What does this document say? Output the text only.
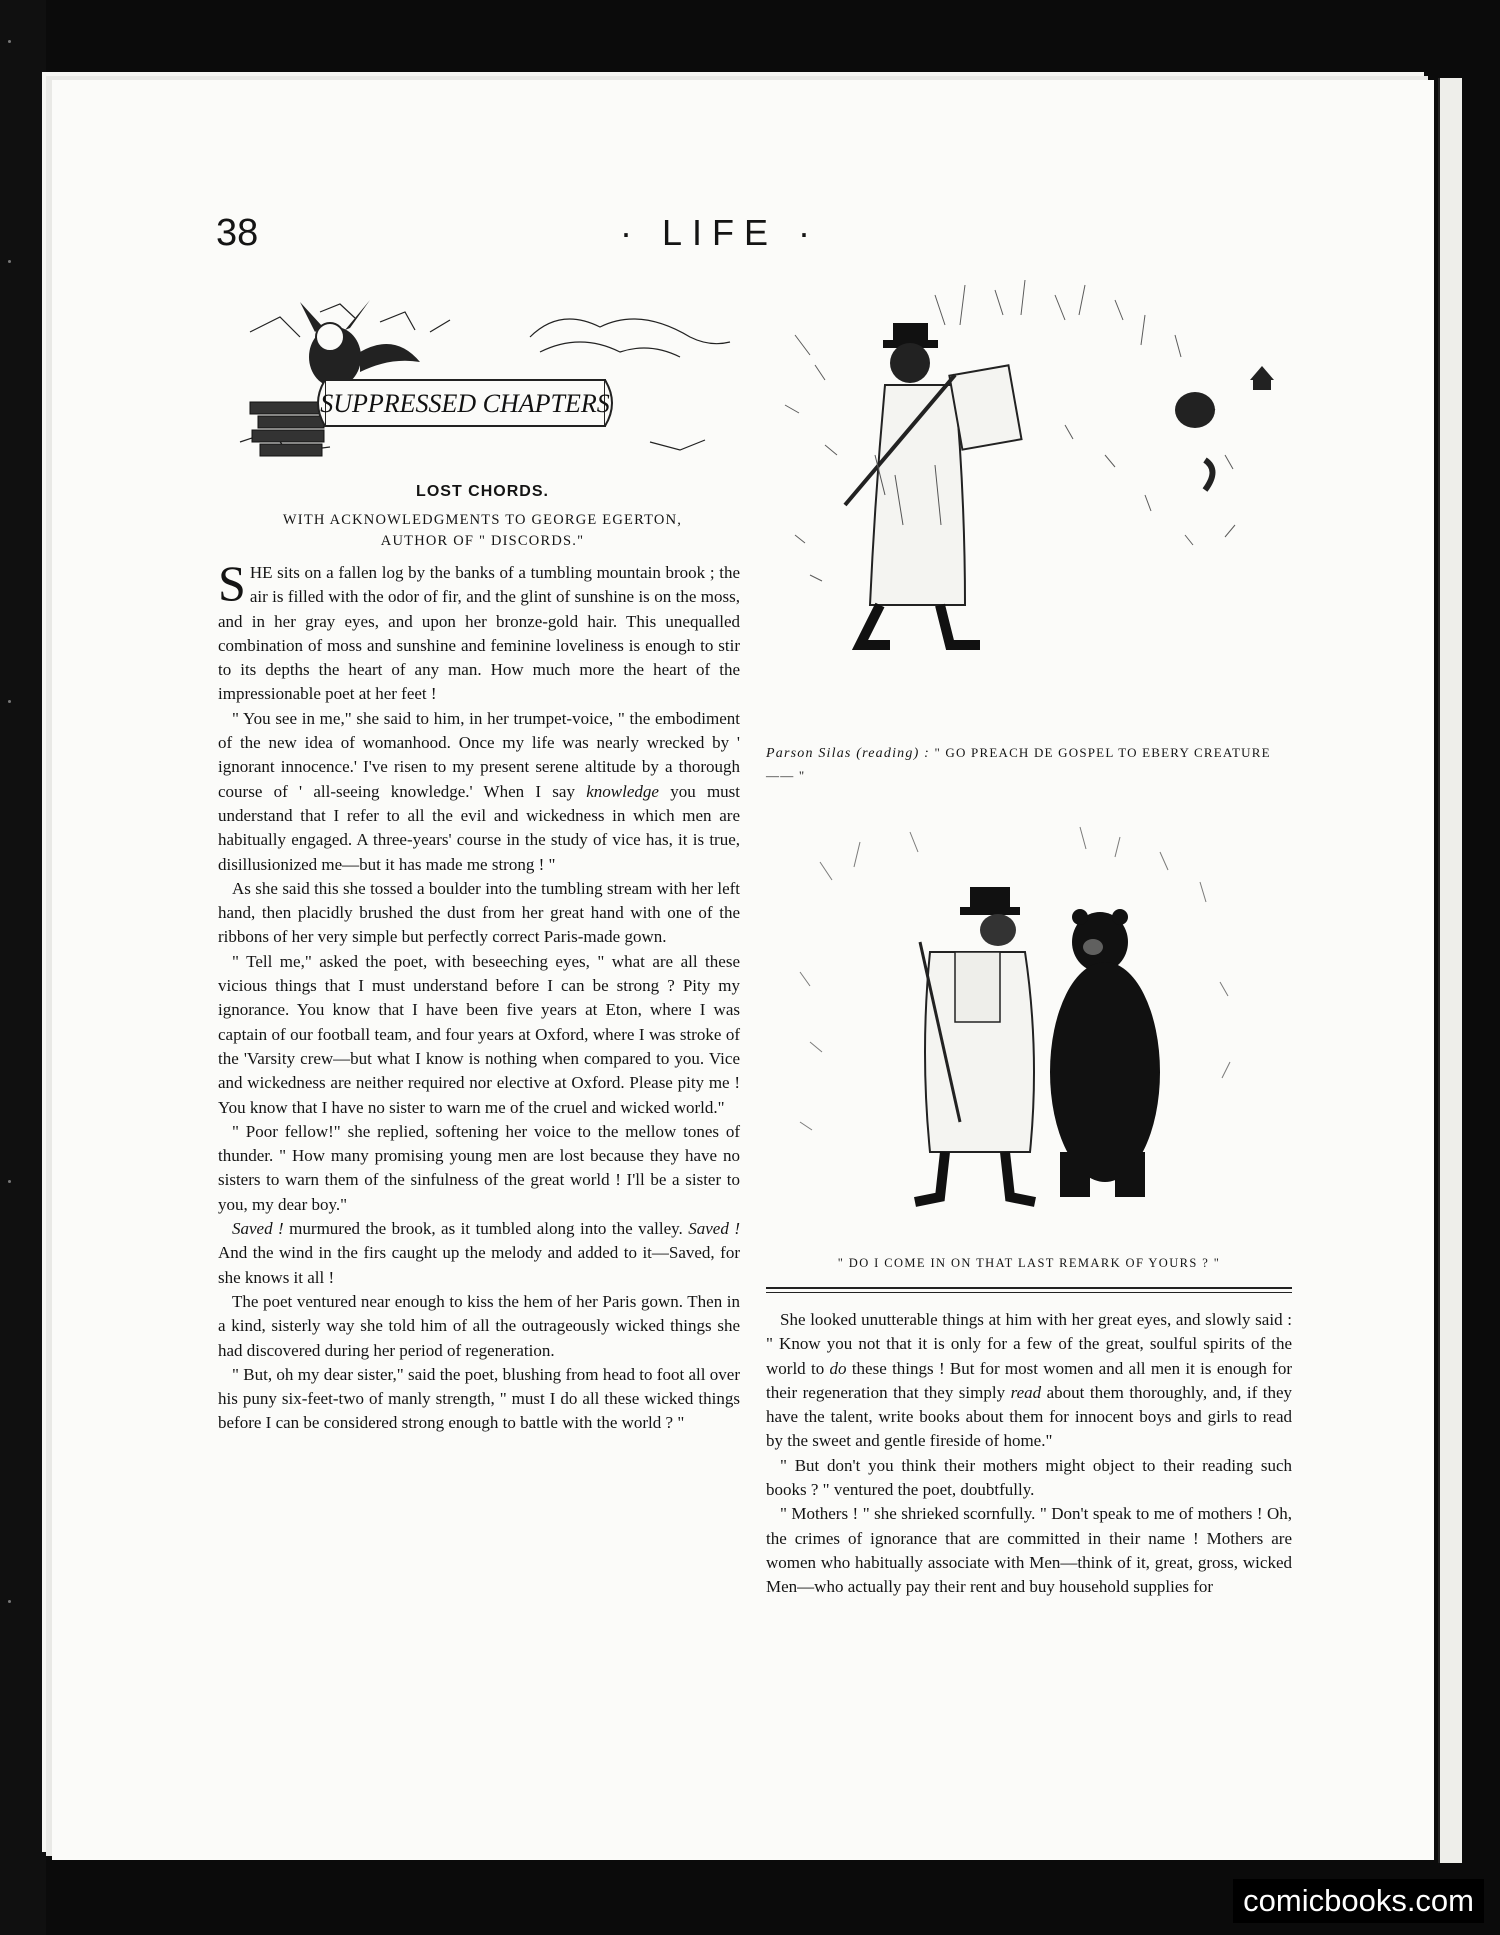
38	· LIFE ·
SUPPRESSED CHAPTERS
LOST CHORDS.
WITH ACKNOWLEDGMENTS TO GEORGE EGERTON,
AUTHOR OF " DISCORDS."

SHE sits on a fallen log by the banks of a tumbling mountain brook ; the air is filled with the odor of fir, and the glint of sunshine is on the moss, and in her gray eyes, and upon her bronze-gold hair. This unequalled combination of moss and sunshine and feminine loveliness is enough to stir to its depths the heart of any man. How much more the heart of the impressionable poet at her feet !

" You see in me," she said to him, in her trumpet-voice, " the embodiment of the new idea of womanhood. Once my life was nearly wrecked by ' ignorant innocence.' I've risen to my present serene altitude by a thorough course of ' all-seeing knowledge.' When I say knowledge you must understand that I refer to all the evil and wickedness in which men are habitually engaged. A three-years' course in the study of vice has, it is true, disillusionized me—but it has made me strong ! "

As she said this she tossed a boulder into the tumbling stream with her left hand, then placidly brushed the dust from her great hand with one of the ribbons of her very simple but perfectly correct Paris-made gown.

" Tell me," asked the poet, with beseeching eyes, " what are all these vicious things that I must understand before I can be strong ? Pity my ignorance. You know that I have been five years at Eton, where I was captain of our football team, and four years at Oxford, where I was stroke of the 'Varsity crew—but what I know is nothing when compared to you. Vice and wickedness are neither required nor elective at Oxford. Please pity me ! You know that I have no sister to warn me of the cruel and wicked world."

" Poor fellow!" she replied, softening her voice to the mellow tones of thunder. " How many promising young men are lost because they have no sisters to warn them of the sinfulness of the great world ! I'll be a sister to you, my dear boy."

Saved ! murmured the brook, as it tumbled along into the valley. Saved ! And the wind in the firs caught up the melody and added to it—Saved, for she knows it all !

The poet ventured near enough to kiss the hem of her Paris gown. Then in a kind, sisterly way she told him of all the outrageously wicked things she had discovered during her period of regeneration.

" But, oh my dear sister," said the poet, blushing from head to foot all over his puny six-feet-two of manly strength, " must I do all these wicked things before I can be considered strong enough to battle with the world ? "

Parson Silas (reading) : " GO PREACH DE GOSPEL TO EBERY CREATURE—— "
" DO I COME IN ON THAT LAST REMARK OF YOURS ? "

She looked unutterable things at him with her great eyes, and slowly said : " Know you not that it is only for a few of the great, soulful spirits of the world to do these things ! But for most women and all men it is enough for their regeneration that they simply read about them thoroughly, and, if they have the talent, write books about them for innocent boys and girls to read by the sweet and gentle fireside of home."

" But don't you think their mothers might object to their reading such books ? " ventured the poet, doubtfully.

" Mothers ! " she shrieked scornfully. " Don't speak to me of mothers ! Oh, the crimes of ignorance that are committed in their name ! Mothers are women who habitually associate with Men—think of it, great, gross, wicked Men—who actually pay their rent and buy household supplies for

comicbooks.com
